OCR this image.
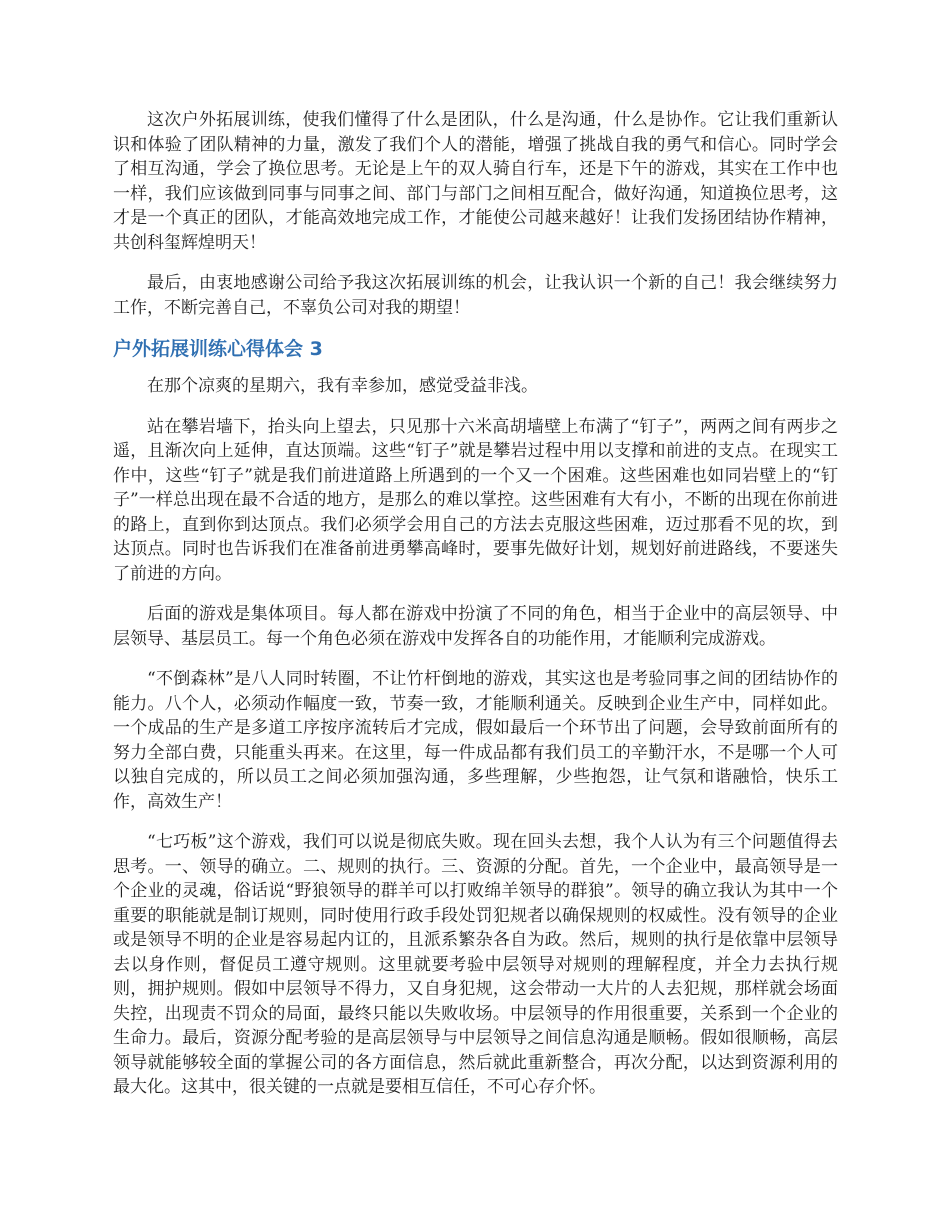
这次户外拓展训练，使我们懂得了什么是团队，什么是沟通，什么是协作。它让我们重新认识和体验了团队精神的力量，激发了我们个人的潜能，增强了挑战自我的勇气和信心。同时学会了相互沟通，学会了换位思考。无论是上午的双人骑自行车，还是下午的游戏，其实在工作中也一样，我们应该做到同事与同事之间、部门与部门之间相互配合，做好沟通，知道换位思考，这才是一个真正的团队，才能高效地完成工作，才能使公司越来越好！让我们发扬团结协作精神，共创科玺辉煌明天！

最后，由衷地感谢公司给予我这次拓展训练的机会，让我认识一个新的自己！我会继续努力工作，不断完善自己，不辜负公司对我的期望！

户外拓展训练心得体会 3

在那个凉爽的星期六，我有幸参加，感觉受益非浅。

站在攀岩墙下，抬头向上望去，只见那十六米高胡墙壁上布满了“钉子”，两两之间有两步之遥，且渐次向上延伸，直达顶端。这些“钉子”就是攀岩过程中用以支撑和前进的支点。在现实工作中，这些“钉子”就是我们前进道路上所遇到的一个又一个困难。这些困难也如同岩壁上的“钉子”一样总出现在最不合适的地方，是那么的难以掌控。这些困难有大有小，不断的出现在你前进的路上，直到你到达顶点。我们必须学会用自己的方法去克服这些困难，迈过那看不见的坎，到达顶点。同时也告诉我们在准备前进勇攀高峰时，要事先做好计划，规划好前进路线，不要迷失了前进的方向。

后面的游戏是集体项目。每人都在游戏中扮演了不同的角色，相当于企业中的高层领导、中层领导、基层员工。每一个角色必须在游戏中发挥各自的功能作用，才能顺利完成游戏。

“不倒森林”是八人同时转圈，不让竹杆倒地的游戏，其实这也是考验同事之间的团结协作的能力。八个人，必须动作幅度一致，节奏一致，才能顺利通关。反映到企业生产中，同样如此。一个成品的生产是多道工序按序流转后才完成，假如最后一个环节出了问题，会导致前面所有的努力全部白费，只能重头再来。在这里，每一件成品都有我们员工的辛勤汗水，不是哪一个人可以独自完成的，所以员工之间必须加强沟通，多些理解，少些抱怨，让气氛和谐融恰，快乐工作，高效生产！

“七巧板”这个游戏，我们可以说是彻底失败。现在回头去想，我个人认为有三个问题值得去思考。一、领导的确立。二、规则的执行。三、资源的分配。首先，一个企业中，最高领导是一个企业的灵魂，俗话说“野狼领导的群羊可以打败绵羊领导的群狼”。领导的确立我认为其中一个重要的职能就是制订规则，同时使用行政手段处罚犯规者以确保规则的权威性。没有领导的企业或是领导不明的企业是容易起内讧的，且派系繁杂各自为政。然后，规则的执行是依靠中层领导去以身作则，督促员工遵守规则。这里就要考验中层领导对规则的理解程度，并全力去执行规则，拥护规则。假如中层领导不得力，又自身犯规，这会带动一大片的人去犯规，那样就会场面失控，出现责不罚众的局面，最终只能以失败收场。中层领导的作用很重要，关系到一个企业的生命力。最后，资源分配考验的是高层领导与中层领导之间信息沟通是顺畅。假如很顺畅，高层领导就能够较全面的掌握公司的各方面信息，然后就此重新整合，再次分配，以达到资源利用的最大化。这其中，很关键的一点就是要相互信任，不可心存介怀。
